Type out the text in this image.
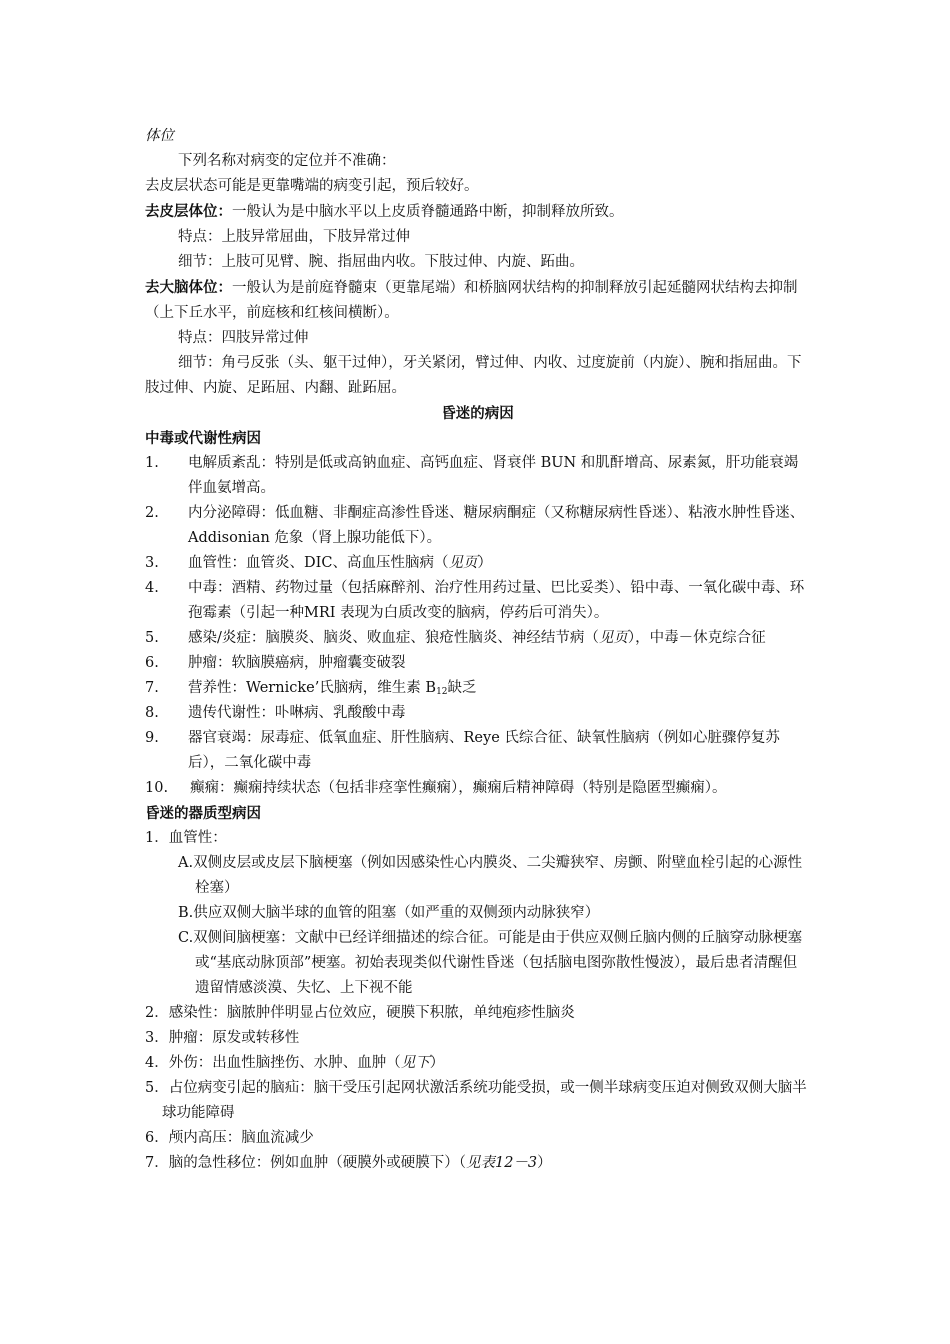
体位

下列名称对病变的定位并不准确：

去皮层状态可能是更靠嘴端的病变引起，预后较好。

去皮层体位：一般认为是中脑水平以上皮质脊髓通路中断，抑制释放所致。

特点：上肢异常屈曲，下肢异常过伸

细节：上肢可见臂、腕、指屈曲内收。下肢过伸、内旋、跖曲。

去大脑体位：一般认为是前庭脊髓束（更靠尾端）和桥脑网状结构的抑制释放引起延髓网状结构去抑制（上下丘水平，前庭核和红核间横断）。

特点：四肢异常过伸

细节：角弓反张（头、躯干过伸），牙关紧闭，臂过伸、内收、过度旋前（内旋）、腕和指屈曲。下肢过伸、内旋、足跖屈、内翻、趾跖屈。

昏迷的病因

中毒或代谢性病因

1. 电解质紊乱：特别是低或高钠血症、高钙血症、肾衰伴 BUN 和肌酐增高、尿素氮，肝功能衰竭伴血氨增高。

2. 内分泌障碍：低血糖、非酮症高渗性昏迷、糖尿病酮症（又称糖尿病性昏迷）、粘液水肿性昏迷、Addisonian 危象（肾上腺功能低下）。

3. 血管性：血管炎、DIC、高血压性脑病（见页）

4. 中毒：酒精、药物过量（包括麻醉剂、治疗性用药过量、巴比妥类）、铅中毒、一氧化碳中毒、环孢霉素（引起一种MRI 表现为白质改变的脑病，停药后可消失）。

5. 感染/炎症：脑膜炎、脑炎、败血症、狼疮性脑炎、神经结节病（见页），中毒－休克综合征

6. 肿瘤：软脑膜癌病，肿瘤囊变破裂

7. 营养性：Wernicke’氏脑病，维生素 $B_{12}$缺乏

8. 遗传代谢性：卟啉病、乳酸酸中毒

9. 器官衰竭：尿毒症、低氧血症、肝性脑病、Reye 氏综合征、缺氧性脑病（例如心脏骤停复苏后），二氧化碳中毒

10. 癫痫：癫痫持续状态（包括非痉挛性癫痫），癫痫后精神障碍（特别是隐匿型癫痫）。

昏迷的器质型病因

1．血管性：

A.双侧皮层或皮层下脑梗塞（例如因感染性心内膜炎、二尖瓣狭窄、房颤、附壁血栓引起的心源性栓塞）

B.供应双侧大脑半球的血管的阻塞（如严重的双侧颈内动脉狭窄）

C.双侧间脑梗塞：文献中已经详细描述的综合征。可能是由于供应双侧丘脑内侧的丘脑穿动脉梗塞或“基底动脉顶部”梗塞。初始表现类似代谢性昏迷（包括脑电图弥散性慢波），最后患者清醒但遗留情感淡漠、失忆、上下视不能

2．感染性：脑脓肿伴明显占位效应，硬膜下积脓，单纯疱疹性脑炎

3．肿瘤：原发或转移性

4．外伤：出血性脑挫伤、水肿、血肿（见下）

5．占位病变引起的脑疝：脑干受压引起网状激活系统功能受损，或一侧半球病变压迫对侧致双侧大脑半球功能障碍

6．颅内高压：脑血流减少

7．脑的急性移位：例如血肿（硬膜外或硬膜下）（见表12－3）
